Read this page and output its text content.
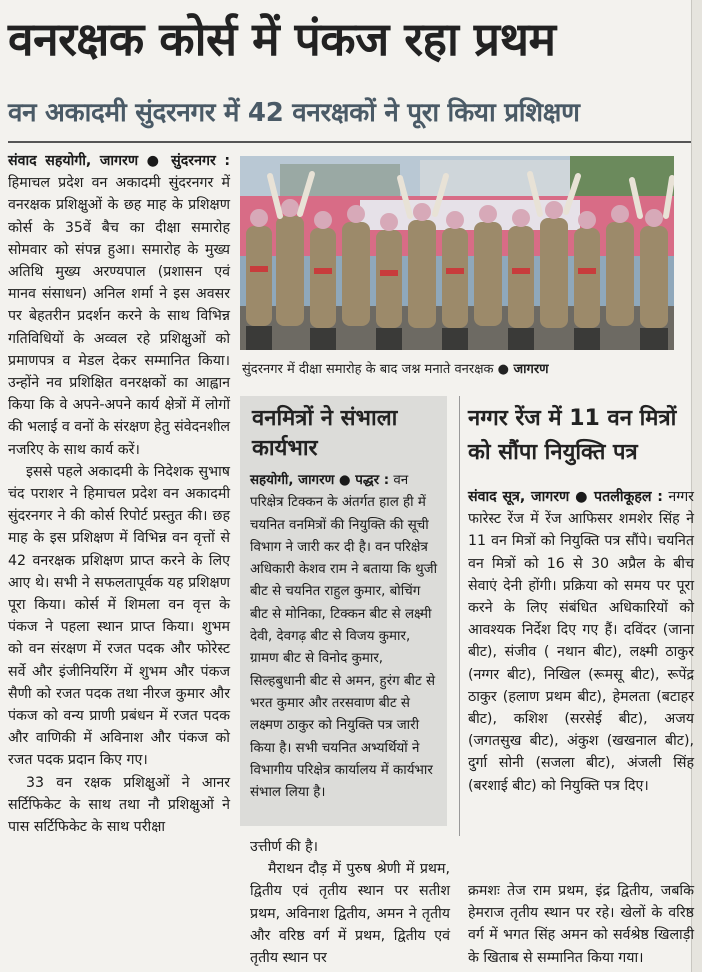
वनरक्षक कोर्स में पंकज रहा प्रथम
वन अकादमी सुंदरनगर में 42 वनरक्षकों ने पूरा किया प्रशिक्षण

संवाद सहयोगी, जागरण ● सुंदरनगर : हिमाचल प्रदेश वन अकादमी सुंदरनगर में वनरक्षक प्रशिक्षुओं के छह माह के प्रशिक्षण कोर्स के 35वें बैच का दीक्षा समारोह सोमवार को संपन्न हुआ। समारोह के मुख्य अतिथि मुख्य अरण्यपाल (प्रशासन एवं मानव संसाधन) अनिल शर्मा ने इस अवसर पर बेहतरीन प्रदर्शन करने के साथ विभिन्न गतिविधियों के अव्वल रहे प्रशिक्षुओं को प्रमाणपत्र व मेडल देकर सम्मानित किया। उन्होंने नव प्रशिक्षित वनरक्षकों का आह्वान किया कि वे अपने-अपने कार्य क्षेत्रों में लोगों की भलाई व वनों के संरक्षण हेतु संवेदनशील नजरिए के साथ कार्य करें।

इससे पहले अकादमी के निदेशक सुभाष चंद पराशर ने हिमाचल प्रदेश वन अकादमी सुंदरनगर ने की कोर्स रिपोर्ट प्रस्तुत की। छह माह के इस प्रशिक्षण में विभिन्न वन वृत्तों से 42 वनरक्षक प्रशिक्षण प्राप्त करने के लिए आए थे। सभी ने सफलतापूर्वक यह प्रशिक्षण पूरा किया। कोर्स में शिमला वन वृत्त के पंकज ने पहला स्थान प्राप्त किया। शुभम को वन संरक्षण में रजत पदक और फोरेस्ट सर्वे और इंजीनियरिंग में शुभम और पंकज सैणी को रजत पदक तथा नीरज कुमार और पंकज को वन्य प्राणी प्रबंधन में रजत पदक और वाणिकी में अविनाश और पंकज को रजत पदक प्रदान किए गए।

33 वन रक्षक प्रशिक्षुओं ने आनर सर्टिफिकेट के साथ तथा नौ प्रशिक्षुओं ने पास सर्टिफिकेट के साथ परीक्षा

सुंदरनगर में दीक्षा समारोह के बाद जश्न मनाते वनरक्षक ● जागरण
वनमित्रों ने संभाला कार्यभार

सहयोगी, जागरण ● पद्धर : वन परिक्षेत्र टिक्कन के अंतर्गत हाल ही में चयनित वनमित्रों की नियुक्ति की सूची विभाग ने जारी कर दी है। वन परिक्षेत्र अधिकारी केशव राम ने बताया कि थुजी बीट से चयनित राहुल कुमार, बोचिंग बीट से मोनिका, टिक्कन बीट से लक्ष्मी देवी, देवगढ़ बीट से विजय कुमार, ग्रामण बीट से विनोद कुमार, सिल्हबुधानी बीट से अमन, हुरंग बीट से भरत कुमार और तरसवाण बीट से लक्ष्मण ठाकुर को नियुक्ति पत्र जारी किया है। सभी चयनित अभ्यर्थियों ने विभागीय परिक्षेत्र कार्यालय में कार्यभार संभाल लिया है।

उत्तीर्ण की है।

मैराथन दौड़ में पुरुष श्रेणी में प्रथम, द्वितीय एवं तृतीय स्थान पर सतीश प्रथम, अविनाश द्वितीय, अमन ने तृतीय और वरिष्ठ वर्ग में प्रथम, द्वितीय एवं तृतीय स्थान पर

नग्गर रेंज में 11 वन मित्रों को सौंपा नियुक्ति पत्र

संवाद सूत्र, जागरण ● पतलीकूहल : नग्गर फारेस्ट रेंज में रेंज आफिसर शमशेर सिंह ने 11 वन मित्रों को नियुक्ति पत्र सौंपे। चयनित वन मित्रों को 16 से 30 अप्रैल के बीच सेवाएं देनी होंगी। प्रक्रिया को समय पर पूरा करने के लिए संबंधित अधिकारियों को आवश्यक निर्देश दिए गए हैं। दविंदर (जाना बीट), संजीव ( नथान बीट), लक्ष्मी ठाकुर (नग्गर बीट), निखिल (रूमसू बीट), रूपेंद्र ठाकुर (हलाण प्रथम बीट), हेमलता (बटाहर बीट), कशिश (सरसेई बीट), अजय (जगतसुख बीट), अंकुश (खखनाल बीट), दुर्गा सोनी (सजला बीट), अंजली सिंह (बरशाई बीट) को नियुक्ति पत्र दिए।

क्रमशः तेज राम प्रथम, इंद्र द्वितीय, जबकि हेमराज तृतीय स्थान पर रहे। खेलों के वरिष्ठ वर्ग में भगत सिंह अमन को सर्वश्रेष्ठ खिलाड़ी के खिताब से सम्मानित किया गया।
